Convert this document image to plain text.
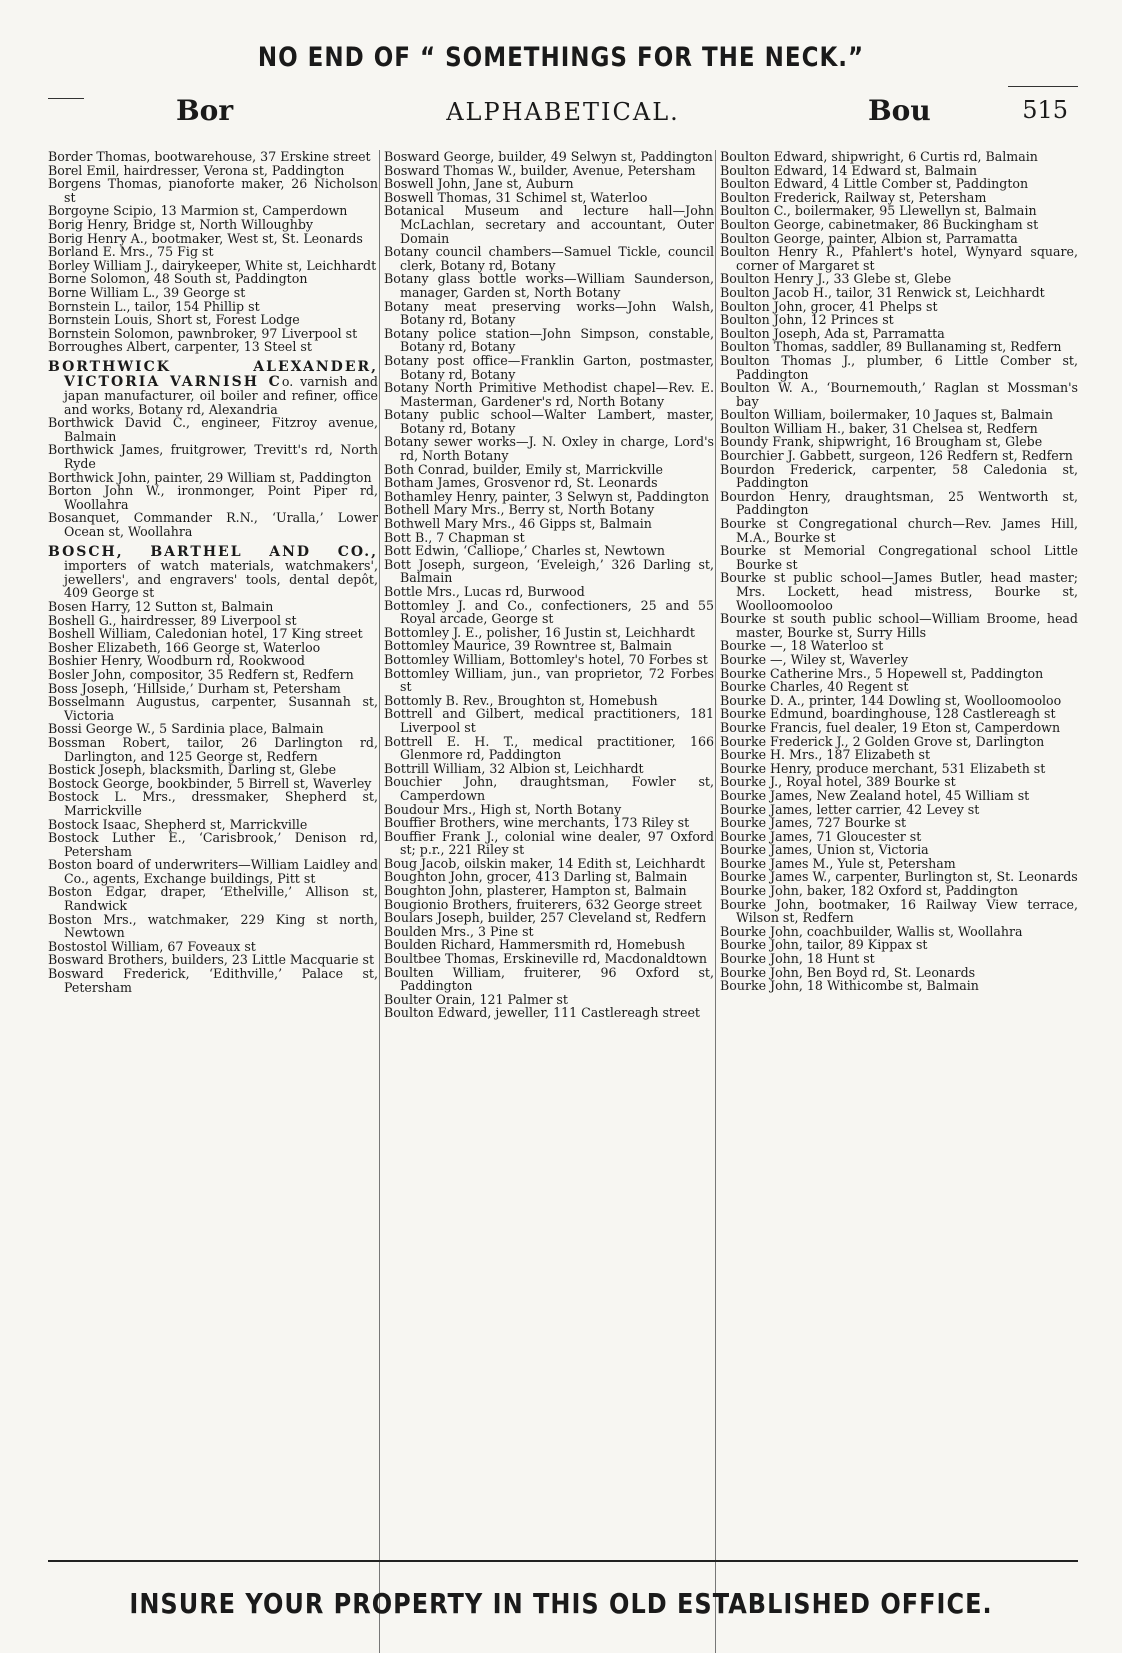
NO END OF “ SOMETHINGS FOR THE NECK.”
Bor	ALPHABETICAL.	Bou	515
Border Thomas, bootwarehouse, 37 Erskine street
Borel Emil, hairdresser, Verona st, Paddington
Borgens Thomas, pianoforte maker, 26 Nicholson st
Borgoyne Scipio, 13 Marmion st, Camperdown
Borig Henry, Bridge st, North Willoughby
Borig Henry A., bootmaker, West st, St. Leonards
Borland E. Mrs., 75 Fig st
Borley William J., dairykeeper, White st, Leichhardt
Borne Solomon, 48 South st, Paddington
Borne William L., 39 George st
Bornstein L., tailor, 154 Phillip st
Bornstein Louis, Short st, Forest Lodge
Bornstein Solomon, pawnbroker, 97 Liverpool st
Borroughes Albert, carpenter, 13 Steel st
BORTHWICK ALEXANDER, VICTORIA VARNISH Co. varnish and japan manufacturer, oil boiler and refiner, office and works, Botany rd, Alexandria
Borthwick David C., engineer, Fitzroy avenue, Balmain
Borthwick James, fruitgrower, Trevitt's rd, North Ryde
Borthwick John, painter, 29 William st, Paddington
Borton John W., ironmonger, Point Piper rd, Woollahra
Bosanquet, Commander R.N., ‘Uralla,’ Lower Ocean st, Woollahra
BOSCH, BARTHEL AND CO., importers of watch materials, watchmakers', jewellers', and engravers' tools, dental depôt, 409 George st
Bosen Harry, 12 Sutton st, Balmain
Boshell G., hairdresser, 89 Liverpool st
Boshell William, Caledonian hotel, 17 King street
Bosher Elizabeth, 166 George st, Waterloo
Boshier Henry, Woodburn rd, Rookwood
Bosler John, compositor, 35 Redfern st, Redfern
Boss Joseph, ‘Hillside,’ Durham st, Petersham
Bosselmann Augustus, carpenter, Susannah st, Victoria
Bossi George W., 5 Sardinia place, Balmain
Bossman Robert, tailor, 26 Darlington rd, Darlington, and 125 George st, Redfern
Bostick Joseph, blacksmith, Darling st, Glebe
Bostock George, bookbinder, 5 Birrell st, Waverley
Bostock L. Mrs., dressmaker, Shepherd st, Marrickville
Bostock Isaac, Shepherd st, Marrickville
Bostock Luther E., ‘Carisbrook,’ Denison rd, Petersham
Boston board of underwriters—William Laidley and Co., agents, Exchange buildings, Pitt st
Boston Edgar, draper, ‘Ethelville,’ Allison st, Randwick
Boston Mrs., watchmaker, 229 King st north, Newtown
Bostostol William, 67 Foveaux st
Bosward Brothers, builders, 23 Little Macquarie st
Bosward Frederick, ‘Edithville,’ Palace st, Petersham
Bosward George, builder, 49 Selwyn st, Paddington
Bosward Thomas W., builder, Avenue, Petersham
Boswell John, Jane st, Auburn
Boswell Thomas, 31 Schimel st, Waterloo
Botanical Museum and lecture hall—John McLachlan, secretary and accountant, Outer Domain
Botany council chambers—Samuel Tickle, council clerk, Botany rd, Botany
Botany glass bottle works—William Saunderson, manager, Garden st, North Botany
Botany meat preserving works—John Walsh, Botany rd, Botany
Botany police station—John Simpson, constable, Botany rd, Botany
Botany post office—Franklin Garton, postmaster, Botany rd, Botany
Botany North Primitive Methodist chapel—Rev. E. Masterman, Gardener's rd, North Botany
Botany public school—Walter Lambert, master, Botany rd, Botany
Botany sewer works—J. N. Oxley in charge, Lord's rd, North Botany
Both Conrad, builder, Emily st, Marrickville
Botham James, Grosvenor rd, St. Leonards
Bothamley Henry, painter, 3 Selwyn st, Paddington
Bothell Mary Mrs., Berry st, North Botany
Bothwell Mary Mrs., 46 Gipps st, Balmain
Bott B., 7 Chapman st
Bott Edwin, ‘Calliope,’ Charles st, Newtown
Bott Joseph, surgeon, ‘Eveleigh,’ 326 Darling st, Balmain
Bottle Mrs., Lucas rd, Burwood
Bottomley J. and Co., confectioners, 25 and 55 Royal arcade, George st
Bottomley J. E., polisher, 16 Justin st, Leichhardt
Bottomley Maurice, 39 Rowntree st, Balmain
Bottomley William, Bottomley's hotel, 70 Forbes st
Bottomley William, jun., van proprietor, 72 Forbes st
Bottomly B. Rev., Broughton st, Homebush
Bottrell and Gilbert, medical practitioners, 181 Liverpool st
Bottrell E. H. T., medical practitioner, 166 Glenmore rd, Paddington
Bottrill William, 32 Albion st, Leichhardt
Bouchier John, draughtsman, Fowler st, Camperdown
Boudour Mrs., High st, North Botany
Bouffier Brothers, wine merchants, 173 Riley st
Bouffier Frank J., colonial wine dealer, 97 Oxford st; p.r., 221 Riley st
Boug Jacob, oilskin maker, 14 Edith st, Leichhardt
Boughton John, grocer, 413 Darling st, Balmain
Boughton John, plasterer, Hampton st, Balmain
Bougionio Brothers, fruiterers, 632 George street
Boulars Joseph, builder, 257 Cleveland st, Redfern
Boulden Mrs., 3 Pine st
Boulden Richard, Hammersmith rd, Homebush
Boultbee Thomas, Erskineville rd, Macdonaldtown
Boulten William, fruiterer, 96 Oxford st, Paddington
Boulter Orain, 121 Palmer st
Boulton Edward, jeweller, 111 Castlereagh street
Boulton Edward, shipwright, 6 Curtis rd, Balmain
Boulton Edward, 14 Edward st, Balmain
Boulton Edward, 4 Little Comber st, Paddington
Boulton Frederick, Railway st, Petersham
Boulton C., boilermaker, 95 Llewellyn st, Balmain
Boulton George, cabinetmaker, 86 Buckingham st
Boulton George, painter, Albion st, Parramatta
Boulton Henry R., Pfahlert's hotel, Wynyard square, corner of Margaret st
Boulton Henry J., 33 Glebe st, Glebe
Boulton Jacob H., tailor, 31 Renwick st, Leichhardt
Boulton John, grocer, 41 Phelps st
Boulton John, 12 Princes st
Boulton Joseph, Ada st, Parramatta
Boulton Thomas, saddler, 89 Bullanaming st, Redfern
Boulton Thomas J., plumber, 6 Little Comber st, Paddington
Boulton W. A., ‘Bournemouth,’ Raglan st Mossman's bay
Boulton William, boilermaker, 10 Jaques st, Balmain
Boulton William H., baker, 31 Chelsea st, Redfern
Boundy Frank, shipwright, 16 Brougham st, Glebe
Bourchier J. Gabbett, surgeon, 126 Redfern st, Redfern
Bourdon Frederick, carpenter, 58 Caledonia st, Paddington
Bourdon Henry, draughtsman, 25 Wentworth st, Paddington
Bourke st Congregational church—Rev. James Hill, M.A., Bourke st
Bourke st Memorial Congregational school Little Bourke st
Bourke st public school—James Butler, head master; Mrs. Lockett, head mistress, Bourke st, Woolloomooloo
Bourke st south public school—William Broome, head master, Bourke st, Surry Hills
Bourke —, 18 Waterloo st
Bourke —, Wiley st, Waverley
Bourke Catherine Mrs., 5 Hopewell st, Paddington
Bourke Charles, 40 Regent st
Bourke D. A., printer, 144 Dowling st, Woolloomooloo
Bourke Edmund, boardinghouse, 128 Castlereagh st
Bourke Francis, fuel dealer, 19 Eton st, Camperdown
Bourke Frederick J., 2 Golden Grove st, Darlington
Bourke H. Mrs., 187 Elizabeth st
Bourke Henry, produce merchant, 531 Elizabeth st
Bourke J., Royal hotel, 389 Bourke st
Bourke James, New Zealand hotel, 45 William st
Bourke James, letter carrier, 42 Levey st
Bourke James, 727 Bourke st
Bourke James, 71 Gloucester st
Bourke James, Union st, Victoria
Bourke James M., Yule st, Petersham
Bourke James W., carpenter, Burlington st, St. Leonards
Bourke John, baker, 182 Oxford st, Paddington
Bourke John, bootmaker, 16 Railway View terrace, Wilson st, Redfern
Bourke John, coachbuilder, Wallis st, Woollahra
Bourke John, tailor, 89 Kippax st
Bourke John, 18 Hunt st
Bourke John, Ben Boyd rd, St. Leonards
Bourke John, 18 Withicombe st, Balmain
INSURE YOUR PROPERTY IN THIS OLD ESTABLISHED OFFICE.
